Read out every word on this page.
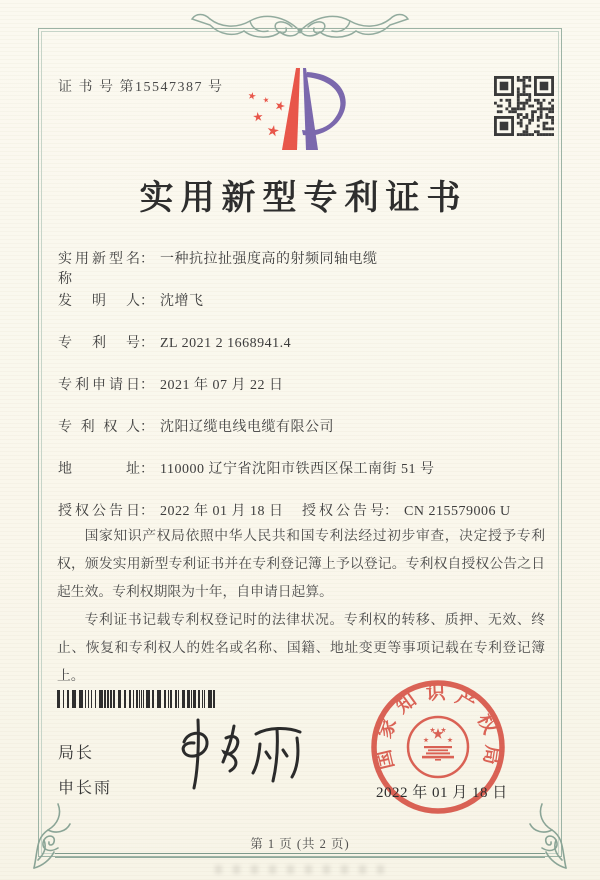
证 书 号 第15547387 号
实用新型专利证书
实用新型名称： 一种抗拉扯强度高的射频同轴电缆
发明人： 沈增飞
专利号： ZL 2021 2 1668941.4
专利申请日： 2021 年 07 月 22 日
专利权人： 沈阳辽缆电线电缆有限公司
地址： 110000 辽宁省沈阳市铁西区保工南街 51 号
授权公告日： 2022 年 01 月 18 日 授权公告号： CN 215579006 U

国家知识产权局依照中华人民共和国专利法经过初步审查，决定授予专利权，颁发实用新型专利证书并在专利登记簿上予以登记。专利权自授权公告之日起生效。专利权期限为十年，自申请日起算。

专利证书记载专利权登记时的法律状况。专利权的转移、质押、无效、终止、恢复和专利权人的姓名或名称、国籍、地址变更等事项记载在专利登记簿上。

局长
申长雨
国家知识产权局
2022 年 01 月 18 日
第 1 页 (共 2 页)
